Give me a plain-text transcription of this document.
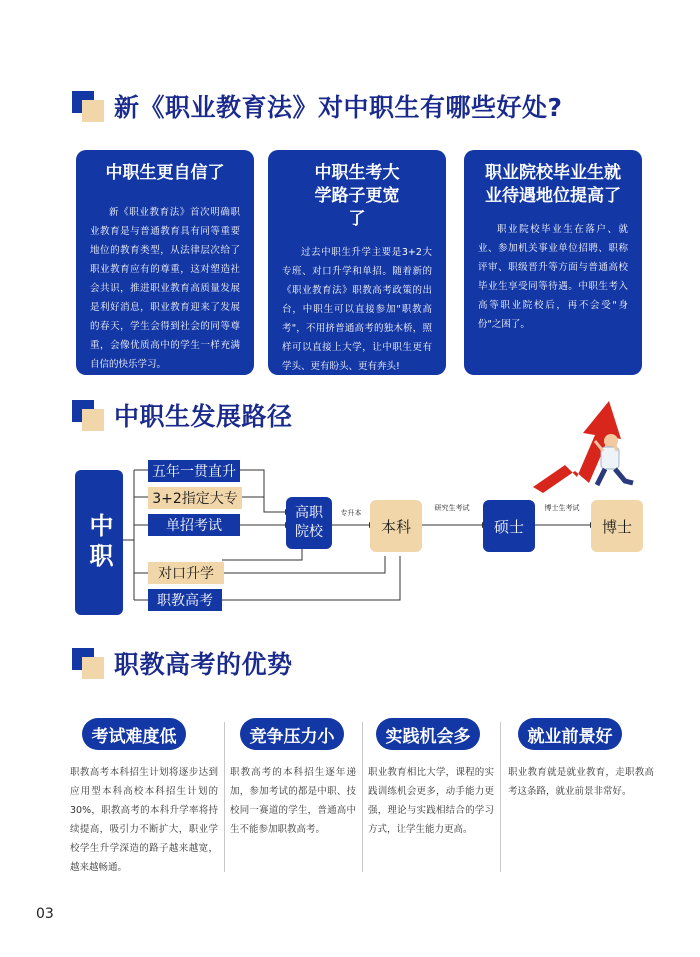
新《职业教育法》对中职生有哪些好处?
中职生更自信了
新《职业教育法》首次明确职业教育是与普通教育具有同等重要地位的教育类型，从法律层次给了职业教育应有的尊重，这对塑造社会共识，推进职业教育高质量发展是利好消息，职业教育迎来了发展的春天，学生会得到社会的同等尊重，会像优质高中的学生一样充满自信的快乐学习。
中职生考大学路子更宽了
过去中职生升学主要是3+2大专班、对口升学和单招。随着新的《职业教育法》职教高考政策的出台，中职生可以直接参加"职教高考"，不用挤普通高考的独木桥，照样可以直接上大学，让中职生更有学头、更有盼头、更有奔头!
职业院校毕业生就业待遇地位提高了
职业院校毕业生在落户、就业、参加机关事业单位招聘、职称评审、职级晋升等方面与普通高校毕业生享受同等待遇。中职生考入高等职业院校后，再不会受"身份"之困了。
中职生发展路径
中职
五年一贯直升
3+2指定大专
单招考试
对口升学
职教高考
高职院校
专升本
本科
研究生考试
硕士
博士生考试
博士
职教高考的优势
考试难度低	竞争压力小	实践机会多	就业前景好
职教高考本科招生计划将逐步达到应用型本科高校本科招生计划的30%，职教高考的本科升学率将持续提高，吸引力不断扩大，职业学校学生升学深造的路子越来越宽，越来越畅通。
职教高考的本科招生逐年递加，参加考试的都是中职、技校同一赛道的学生，普通高中生不能参加职教高考。
职业教育相比大学，课程的实践训练机会更多，动手能力更强，理论与实践相结合的学习方式，让学生能力更高。
职业教育就是就业教育，走职教高考这条路，就业前景非常好。
03
